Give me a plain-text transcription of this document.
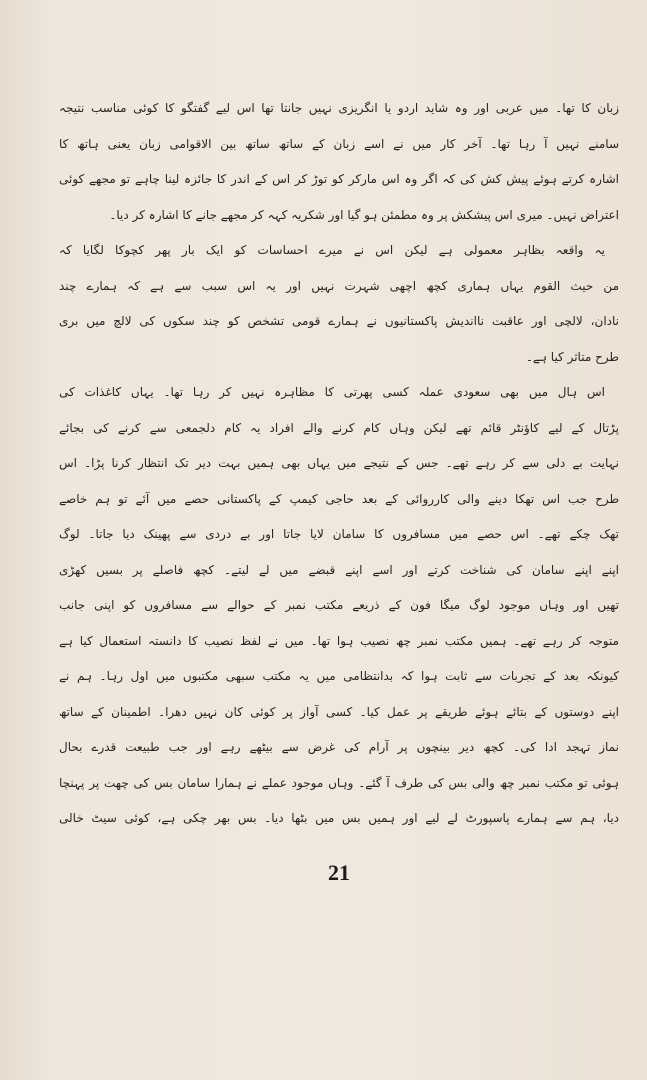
زبان کا تھا۔ میں عربی اور وہ شاید اردو یا انگریزی نہیں جانتا تھا اس لیے گفتگو کا کوئی مناسب نتیجہ
سامنے نہیں آ رہا تھا۔ آخر کار میں نے اسے زبان کے ساتھ ساتھ بین الاقوامی زبان یعنی ہاتھ کا
اشارہ کرتے ہوئے پیش کش کی کہ اگر وہ اس مارکر کو توڑ کر اس کے اندر کا جائزہ لینا چاہے تو مجھے کوئی
اعتراض نہیں۔ میری اس پیشکش پر وہ مطمئن ہو گیا اور شکریہ کہہ کر مجھے جانے کا اشارہ کر دیا۔
یہ واقعہ بظاہر معمولی ہے لیکن اس نے میرے احساسات کو ایک بار پھر کچوکا لگایا کہ
من حیث القوم یہاں ہماری کچھ اچھی شہرت نہیں اور یہ اس سبب سے ہے کہ ہمارے چند
نادان، لالچی اور عاقبت نااندیش پاکستانیوں نے ہمارے قومی تشخص کو چند سکوں کی لالچ میں بری
طرح متاثر کیا ہے۔
اس ہال میں بھی سعودی عملہ کسی پھرتی کا مظاہرہ نہیں کر رہا تھا۔ یہاں کاغذات کی
پڑتال کے لیے کاؤنٹر قائم تھے لیکن وہاں کام کرنے والے افراد یہ کام دلجمعی سے کرنے کی بجائے
نہایت بے دلی سے کر رہے تھے۔ جس کے نتیجے میں یہاں بھی ہمیں بہت دیر تک انتظار کرنا پڑا۔ اس
طرح جب اس تھکا دینے والی کارروائی کے بعد حاجی کیمپ کے پاکستانی حصے میں آئے تو ہم خاصے
تھک چکے تھے۔ اس حصے میں مسافروں کا سامان لایا جاتا اور بے دردی سے پھینک دیا جاتا۔ لوگ
اپنے اپنے سامان کی شناخت کرتے اور اسے اپنے قبضے میں لے لیتے۔ کچھ فاصلے پر بسیں کھڑی
تھیں اور وہاں موجود لوگ میگا فون کے ذریعے مکتب نمبر کے حوالے سے مسافروں کو اپنی جانب
متوجہ کر رہے تھے۔ ہمیں مکتب نمبر چھ نصیب ہوا تھا۔ میں نے لفظ نصیب کا دانستہ استعمال کیا ہے
کیونکہ بعد کے تجربات سے ثابت ہوا کہ بدانتظامی میں یہ مکتب سبھی مکتبوں میں اول رہا۔ ہم نے
اپنے دوستوں کے بتائے ہوئے طریقے پر عمل کیا۔ کسی آواز پر کوئی کان نہیں دھرا۔ اطمینان کے ساتھ
نماز تہجد ادا کی۔ کچھ دیر بینچوں پر آرام کی غرض سے بیٹھے رہے اور جب طبیعت قدرے بحال
ہوئی تو مکتب نمبر چھ والی بس کی طرف آ گئے۔ وہاں موجود عملے نے ہمارا سامان بس کی چھت پر پہنچا
دیا، ہم سے ہمارے پاسپورٹ لے لیے اور ہمیں بس میں بٹھا دیا۔ بس بھر چکی ہے، کوئی سیٹ خالی
21
